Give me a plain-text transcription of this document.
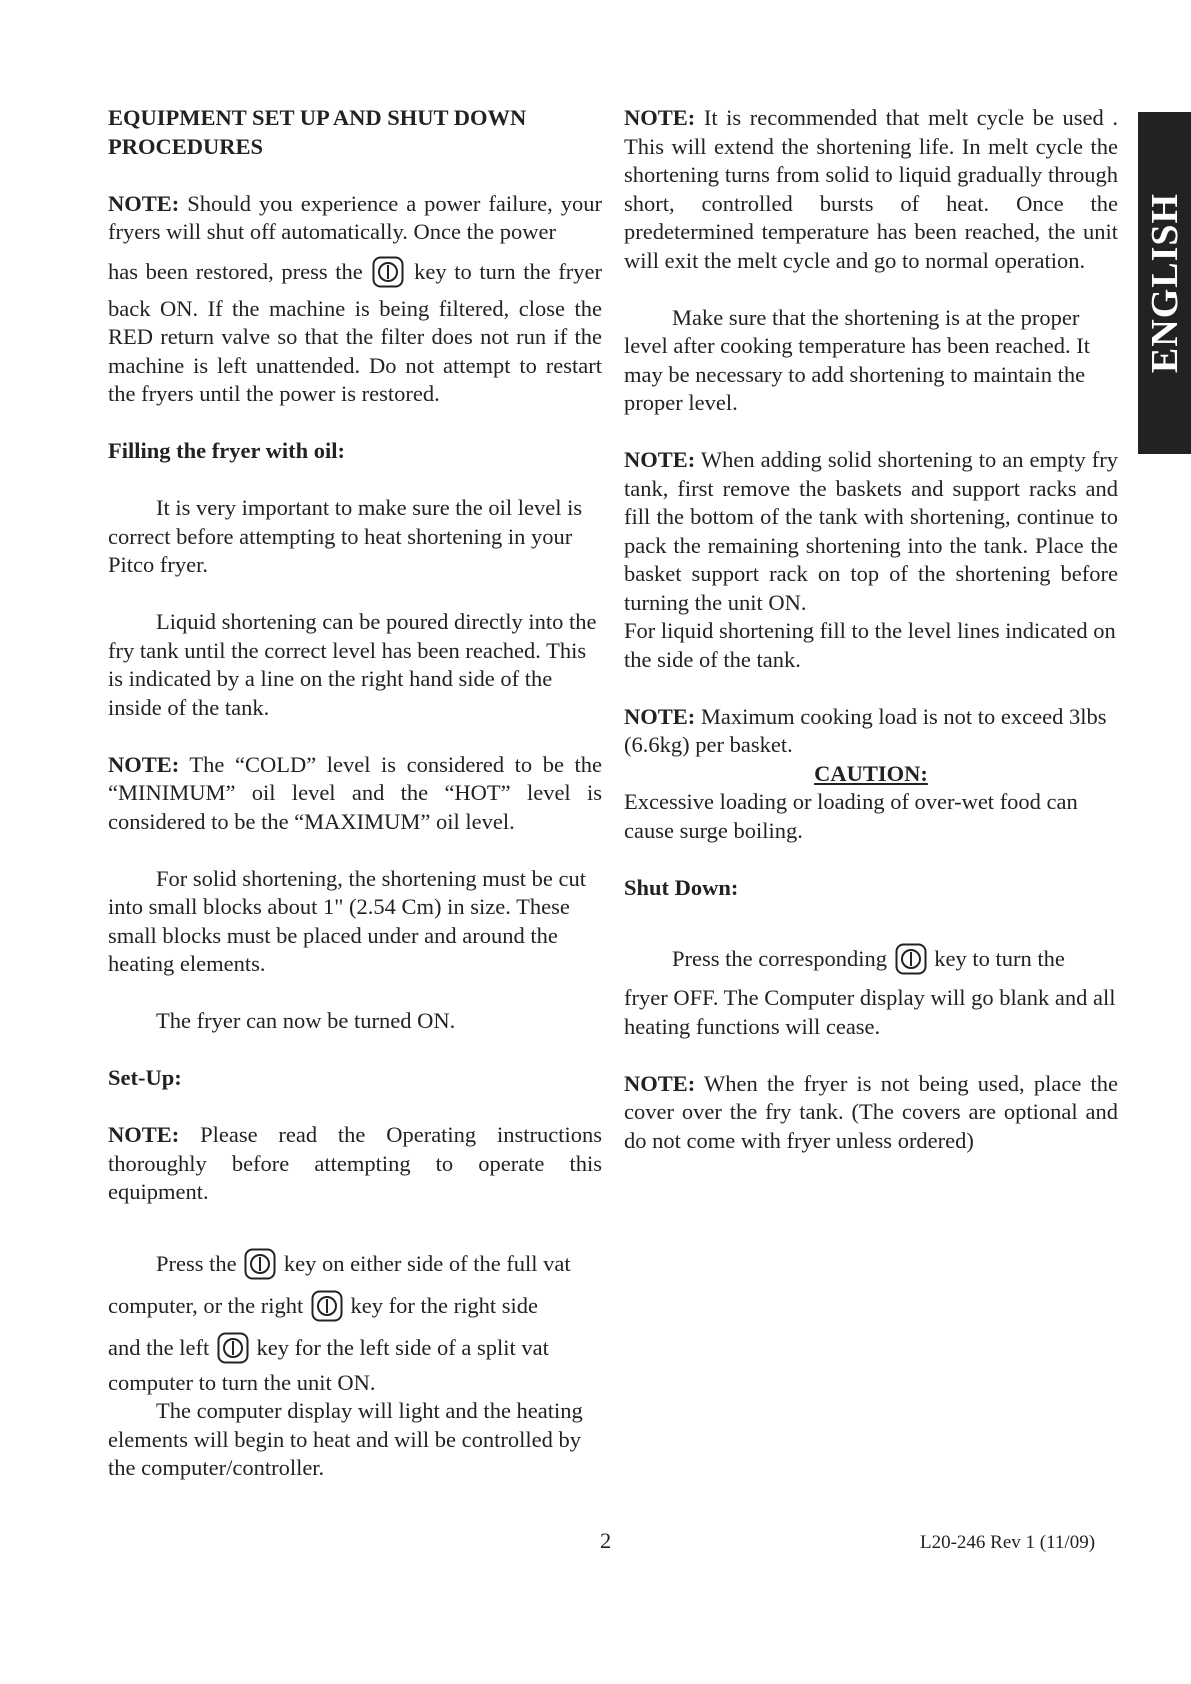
EQUIPMENT SET UP AND SHUT DOWN
PROCEDURES

NOTE: Should you experience a power failure, your fryers will shut off automatically. Once the power

has been restored, press the key to turn the fryer

back ON. If the machine is being filtered, close the RED return valve so that the filter does not run if the machine is left unattended. Do not attempt to restart the fryers until the power is restored.

Filling the fryer with oil:

It is very important to make sure the oil level is correct before attempting to heat shortening in your Pitco fryer.

Liquid shortening can be poured directly into the fry tank until the correct level has been reached. This is indicated by a line on the right hand side of the inside of the tank.

NOTE: The “COLD” level is considered to be the “MINIMUM” oil level and the “HOT” level is considered to be the “MAXIMUM” oil level.

For solid shortening, the shortening must be cut into small blocks about 1" (2.54 Cm) in size. These small blocks must be placed under and around the heating elements.

The fryer can now be turned ON.

Set-Up:

NOTE: Please read the Operating instructions thoroughly before attempting to operate this equipment.

Press the key on either side of the full vat
computer, or the right key for the right side
and the left key for the left side of a split vat

computer to turn the unit ON.

The computer display will light and the heating elements will begin to heat and will be controlled by the computer/controller.

NOTE: It is recommended that melt cycle be used . This will extend the shortening life. In melt cycle the shortening turns from solid to liquid gradually through short, controlled bursts of heat. Once the predetermined temperature has been reached, the unit will exit the melt cycle and go to normal operation.

Make sure that the shortening is at the proper level after cooking temperature has been reached. It may be necessary to add shortening to maintain the proper level.

NOTE: When adding solid shortening to an empty fry tank, first remove the baskets and support racks and fill the bottom of the tank with shortening, continue to pack the remaining shortening into the tank. Place the basket support rack on top of the shortening before turning the unit ON.

For liquid shortening fill to the level lines indicated on the side of the tank.

NOTE: Maximum cooking load is not to exceed 3lbs (6.6kg) per basket.

CAUTION:

Excessive loading or loading of over-wet food can cause surge boiling.

Shut Down:

Press the corresponding key to turn the

fryer OFF. The Computer display will go blank and all heating functions will cease.

NOTE: When the fryer is not being used, place the cover over the fry tank. (The covers are optional and do not come with fryer unless ordered)

ENGLISH
2	L20-246 Rev 1 (11/09)
